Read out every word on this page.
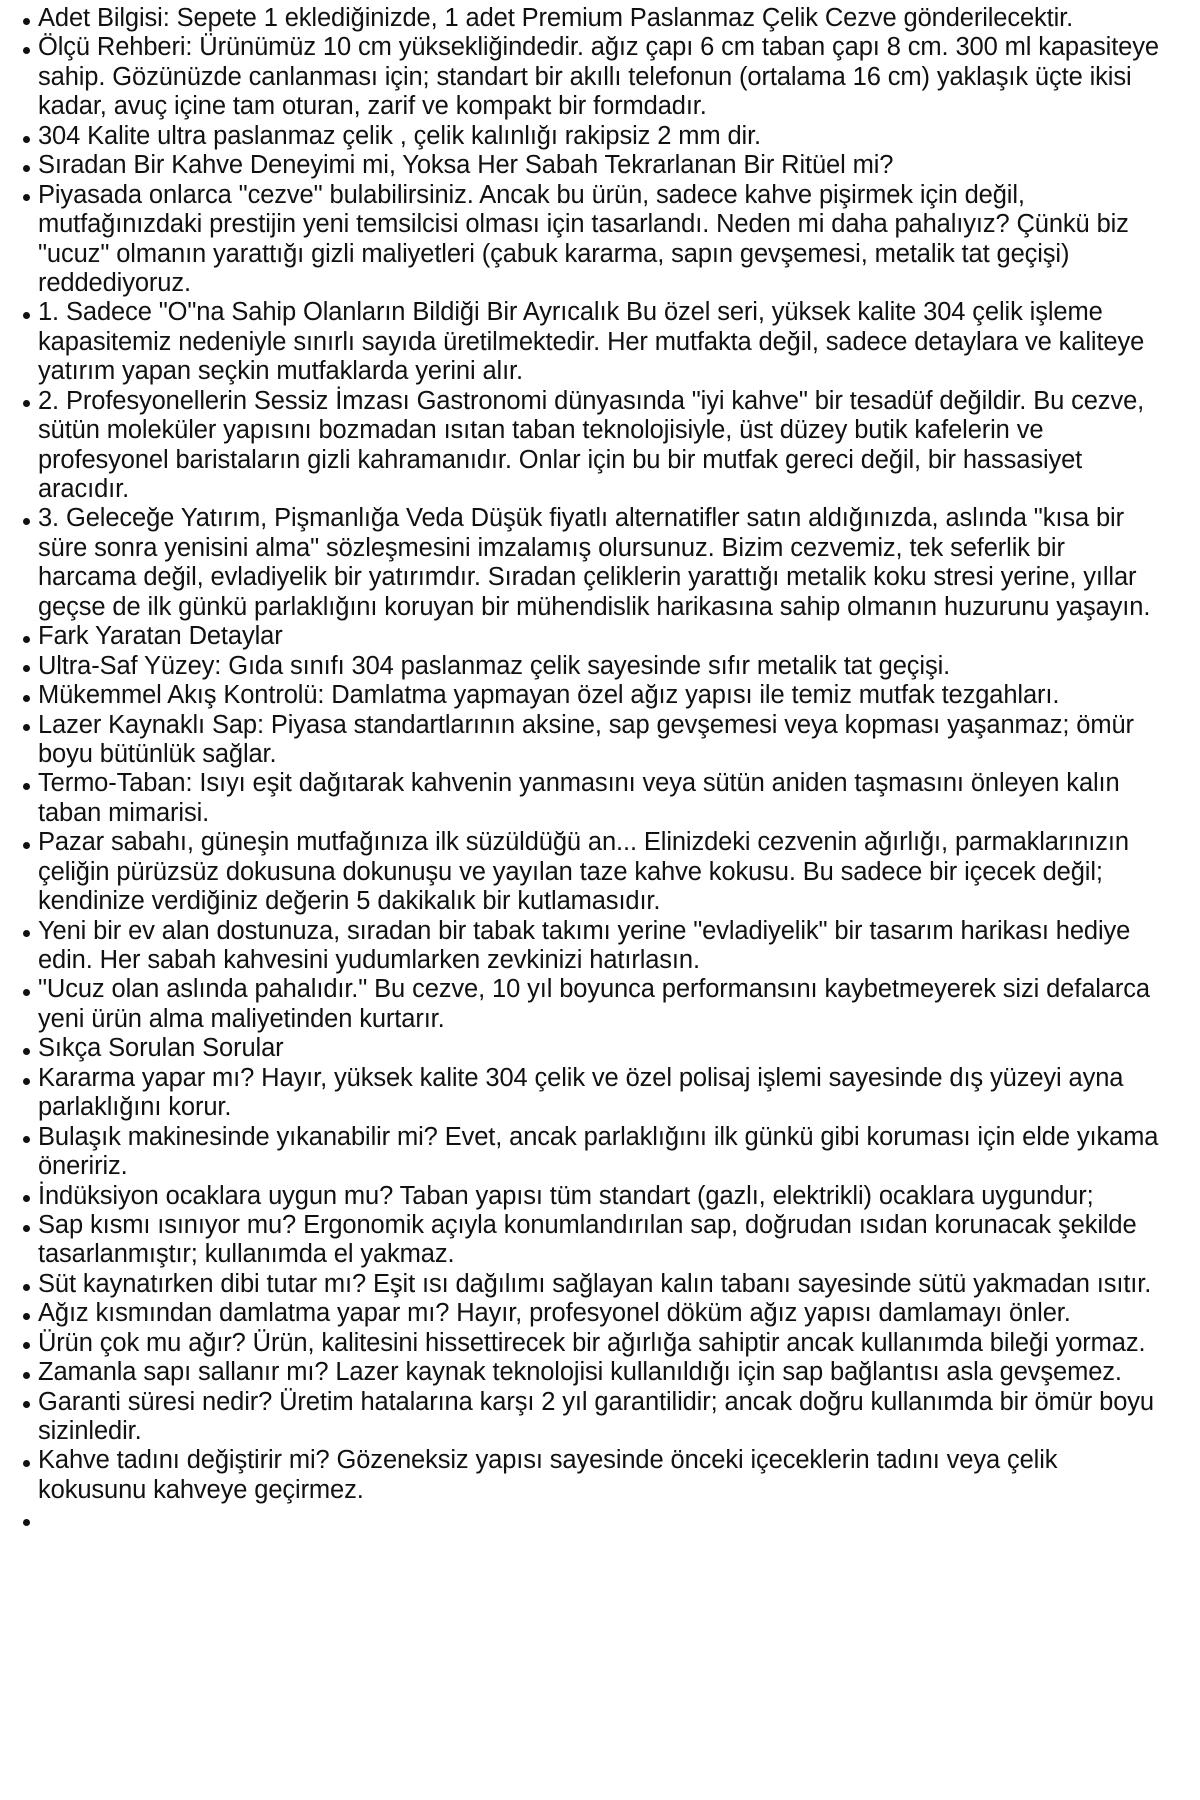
Adet Bilgisi: Sepete 1 eklediğinizde, 1 adet Premium Paslanmaz Çelik Cezve gönderilecektir.
Ölçü Rehberi: Ürünümüz 10 cm yüksekliğindedir. ağız çapı 6 cm taban çapı 8 cm. 300 ml kapasiteye sahip. Gözünüzde canlanması için; standart bir akıllı telefonun (ortalama 16 cm) yaklaşık üçte ikisi kadar, avuç içine tam oturan, zarif ve kompakt bir formdadır.
304 Kalite ultra paslanmaz çelik , çelik kalınlığı rakipsiz 2 mm dir.
Sıradan Bir Kahve Deneyimi mi, Yoksa Her Sabah Tekrarlanan Bir Ritüel mi?
Piyasada onlarca "cezve" bulabilirsiniz. Ancak bu ürün, sadece kahve pişirmek için değil, mutfağınızdaki prestijin yeni temsilcisi olması için tasarlandı. Neden mi daha pahalıyız? Çünkü biz "ucuz" olmanın yarattığı gizli maliyetleri (çabuk kararma, sapın gevşemesi, metalik tat geçişi) reddediyoruz.
1. Sadece "O"na Sahip Olanların Bildiği Bir Ayrıcalık Bu özel seri, yüksek kalite 304 çelik işleme kapasitemiz nedeniyle sınırlı sayıda üretilmektedir. Her mutfakta değil, sadece detaylara ve kaliteye yatırım yapan seçkin mutfaklarda yerini alır.
2. Profesyonellerin Sessiz İmzası Gastronomi dünyasında "iyi kahve" bir tesadüf değildir. Bu cezve, sütün moleküler yapısını bozmadan ısıtan taban teknolojisiyle, üst düzey butik kafelerin ve profesyonel baristaların gizli kahramanıdır. Onlar için bu bir mutfak gereci değil, bir hassasiyet aracıdır.
3. Geleceğe Yatırım, Pişmanlığa Veda Düşük fiyatlı alternatifler satın aldığınızda, aslında "kısa bir süre sonra yenisini alma" sözleşmesini imzalamış olursunuz. Bizim cezvemiz, tek seferlik bir harcama değil, evladiyelik bir yatırımdır. Sıradan çeliklerin yarattığı metalik koku stresi yerine, yıllar geçse de ilk günkü parlaklığını koruyan bir mühendislik harikasına sahip olmanın huzurunu yaşayın.
Fark Yaratan Detaylar
Ultra-Saf Yüzey: Gıda sınıfı 304 paslanmaz çelik sayesinde sıfır metalik tat geçişi.
Mükemmel Akış Kontrolü: Damlatma yapmayan özel ağız yapısı ile temiz mutfak tezgahları.
Lazer Kaynaklı Sap: Piyasa standartlarının aksine, sap gevşemesi veya kopması yaşanmaz; ömür boyu bütünlük sağlar.
Termo-Taban: Isıyı eşit dağıtarak kahvenin yanmasını veya sütün aniden taşmasını önleyen kalın taban mimarisi.
Pazar sabahı, güneşin mutfağınıza ilk süzüldüğü an... Elinizdeki cezvenin ağırlığı, parmaklarınızın çeliğin pürüzsüz dokusuna dokunuşu ve yayılan taze kahve kokusu. Bu sadece bir içecek değil; kendinize verdiğiniz değerin 5 dakikalık bir kutlamasıdır.
Yeni bir ev alan dostunuza, sıradan bir tabak takımı yerine "evladiyelik" bir tasarım harikası hediye edin. Her sabah kahvesini yudumlarken zevkinizi hatırlasın.
"Ucuz olan aslında pahalıdır." Bu cezve, 10 yıl boyunca performansını kaybetmeyerek sizi defalarca yeni ürün alma maliyetinden kurtarır.
Sıkça Sorulan Sorular
Kararma yapar mı? Hayır, yüksek kalite 304 çelik ve özel polisaj işlemi sayesinde dış yüzeyi ayna parlaklığını korur.
Bulaşık makinesinde yıkanabilir mi? Evet, ancak parlaklığını ilk günkü gibi koruması için elde yıkama öneririz.
İndüksiyon ocaklara uygun mu? Taban yapısı tüm standart (gazlı, elektrikli) ocaklara uygundur;
Sap kısmı ısınıyor mu? Ergonomik açıyla konumlandırılan sap, doğrudan ısıdan korunacak şekilde tasarlanmıştır; kullanımda el yakmaz.
Süt kaynatırken dibi tutar mı? Eşit ısı dağılımı sağlayan kalın tabanı sayesinde sütü yakmadan ısıtır.
Ağız kısmından damlatma yapar mı? Hayır, profesyonel döküm ağız yapısı damlamayı önler.
Ürün çok mu ağır? Ürün, kalitesini hissettirecek bir ağırlığa sahiptir ancak kullanımda bileği yormaz.
Zamanla sapı sallanır mı? Lazer kaynak teknolojisi kullanıldığı için sap bağlantısı asla gevşemez.
Garanti süresi nedir? Üretim hatalarına karşı 2 yıl garantilidir; ancak doğru kullanımda bir ömür boyu sizinledir.
Kahve tadını değiştirir mi? Gözeneksiz yapısı sayesinde önceki içeceklerin tadını veya çelik kokusunu kahveye geçirmez.
